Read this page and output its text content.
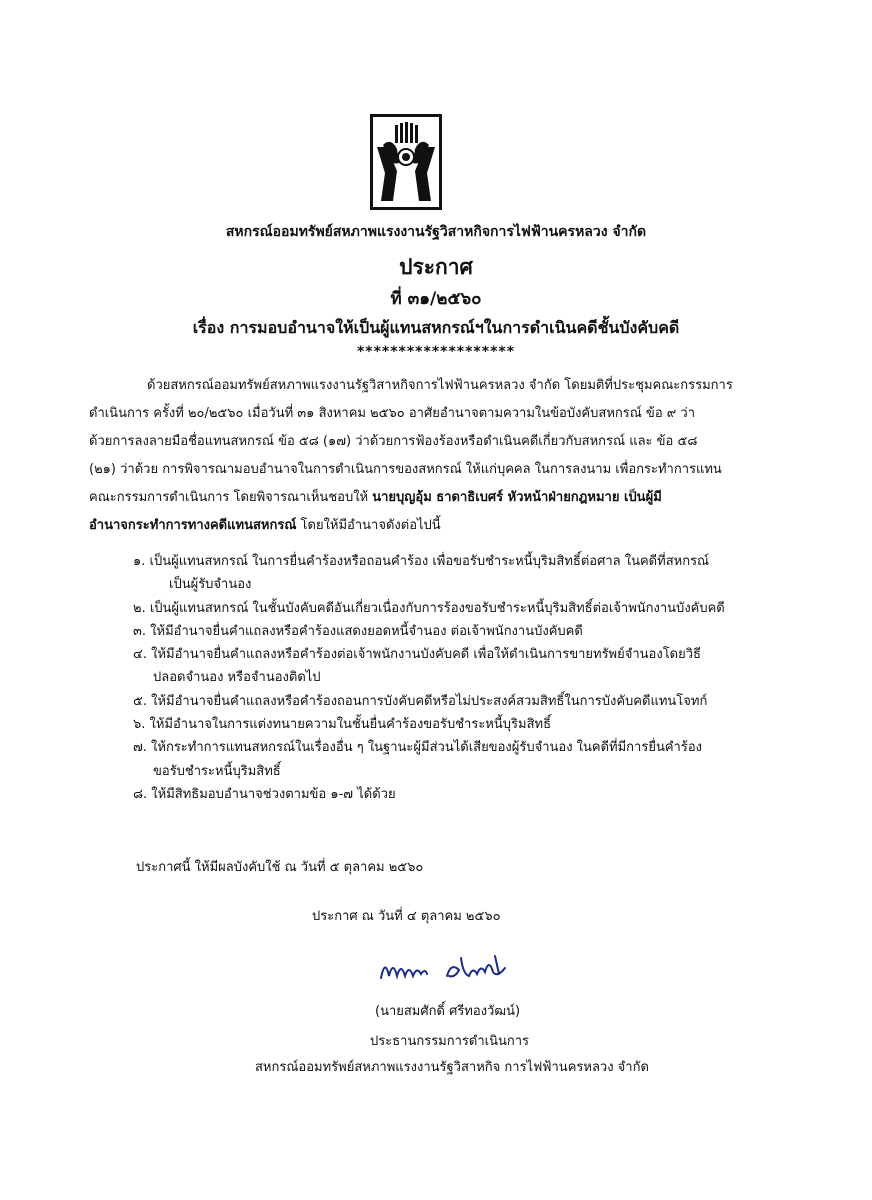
สหกรณ์ออมทรัพย์สหภาพแรงงานรัฐวิสาหกิจการไฟฟ้านครหลวง จำกัด
ประกาศ
ที่ ๓๑/๒๕๖๐
เรื่อง การมอบอำนาจให้เป็นผู้แทนสหกรณ์ฯในการดำเนินคดีชั้นบังคับคดี
*******************
ด้วยสหกรณ์ออมทรัพย์สหภาพแรงงานรัฐวิสาหกิจการไฟฟ้านครหลวง จำกัด โดยมติที่ประชุมคณะกรรมการ
ดำเนินการ ครั้งที่ ๒๐/๒๕๖๐ เมื่อวันที่ ๓๑ สิงหาคม ๒๕๖๐ อาศัยอำนาจตามความในข้อบังคับสหกรณ์ ข้อ ๙ ว่า
ด้วยการลงลายมือชื่อแทนสหกรณ์ ข้อ ๕๘ (๑๗) ว่าด้วยการฟ้องร้องหรือดำเนินคดีเกี่ยวกับสหกรณ์ และ ข้อ ๕๘
(๒๑) ว่าด้วย การพิจารณามอบอำนาจในการดำเนินการของสหกรณ์ ให้แก่บุคคล ในการลงนาม เพื่อกระทำการแทน
คณะกรรมการดำเนินการ โดยพิจารณาเห็นชอบให้ นายบุญอุ้ม ธาดาธิเบศร์ หัวหน้าฝ่ายกฎหมาย เป็นผู้มี
อำนาจกระทำการทางคดีแทนสหกรณ์ โดยให้มีอำนาจดังต่อไปนี้
๑. เป็นผู้แทนสหกรณ์ ในการยื่นคำร้องหรือถอนคำร้อง เพื่อขอรับชำระหนี้บุริมสิทธิ์ต่อศาล ในคดีที่สหกรณ์
เป็นผู้รับจำนอง
๒. เป็นผู้แทนสหกรณ์ ในชั้นบังคับคดีอันเกี่ยวเนื่องกับการร้องขอรับชำระหนี้บุริมสิทธิ์ต่อเจ้าพนักงานบังคับคดี
๓. ให้มีอำนาจยื่นคำแถลงหรือคำร้องแสดงยอดหนี้จำนอง ต่อเจ้าพนักงานบังคับคดี
๔. ให้มีอำนาจยื่นคำแถลงหรือคำร้องต่อเจ้าพนักงานบังคับคดี เพื่อให้ดำเนินการขายทรัพย์จำนองโดยวิธี
ปลอดจำนอง หรือจำนองติดไป
๕. ให้มีอำนาจยื่นคำแถลงหรือคำร้องถอนการบังคับคดีหรือไม่ประสงค์สวมสิทธิ์ในการบังคับคดีแทนโจทก์
๖. ให้มีอำนาจในการแต่งทนายความในชั้นยื่นคำร้องขอรับชำระหนี้บุริมสิทธิ์
๗. ให้กระทำการแทนสหกรณ์ในเรื่องอื่น ๆ ในฐานะผู้มีส่วนได้เสียของผู้รับจำนอง ในคดีที่มีการยื่นคำร้อง
ขอรับชำระหนี้บุริมสิทธิ์
๘. ให้มีสิทธิมอบอำนาจช่วงตามข้อ ๑-๗ ได้ด้วย
ประกาศนี้ ให้มีผลบังคับใช้ ณ วันที่ ๕ ตุลาคม ๒๕๖๐
ประกาศ ณ วันที่ ๔ ตุลาคม ๒๕๖๐
(นายสมศักดิ์ ศรีทองวัฒน์)
ประธานกรรมการดำเนินการ
สหกรณ์ออมทรัพย์สหภาพแรงงานรัฐวิสาหกิจ การไฟฟ้านครหลวง จำกัด
